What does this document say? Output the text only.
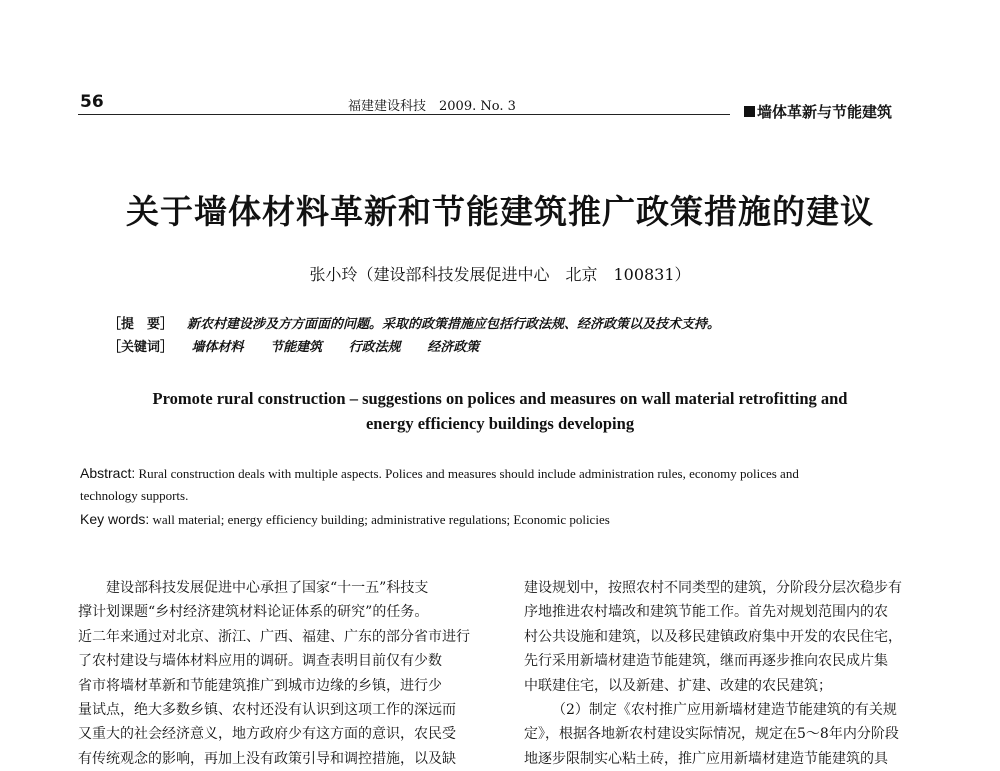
56	福建建设科技　2009. No. 3	墙体革新与节能建筑
关于墙体材料革新和节能建筑推广政策措施的建议
张小玲（建设部科技发展促进中心　北京　100831）
［提　要］ 新农村建设涉及方方面面的问题。采取的政策措施应包括行政法规、经济政策以及技术支持。
［关键词］ 墙体材料 节能建筑 行政法规 经济政策
Promote rural construction – suggestions on polices and measures on wall material retrofitting and
energy efficiency buildings developing
Abstract: Rural construction deals with multiple aspects. Polices and measures should include administration rules, economy polices and
technology supports.
Key words: wall material; energy efficiency building; administrative regulations; Economic policies

建设部科技发展促进中心承担了国家“十一五”科技支

撑计划课题“乡村经济建筑材料论证体系的研究”的任务。

近二年来通过对北京、浙江、广西、福建、广东的部分省市进行

了农村建设与墙体材料应用的调研。调查表明目前仅有少数

省市将墙材革新和节能建筑推广到城市边缘的乡镇，进行少

量试点，绝大多数乡镇、农村还没有认识到这项工作的深远而

又重大的社会经济意义，地方政府少有这方面的意识，农民受

有传统观念的影响，再加上没有政策引导和调控措施，以及缺

建设规划中，按照农村不同类型的建筑，分阶段分层次稳步有

序地推进农村墙改和建筑节能工作。首先对规划范围内的农

村公共设施和建筑，以及移民建镇政府集中开发的农民住宅，

先行采用新墙材建造节能建筑，继而再逐步推向农民成片集

中联建住宅，以及新建、扩建、改建的农民建筑；

（2）制定《农村推广应用新墙材建造节能建筑的有关规

定》，根据各地新农村建设实际情况，规定在5～8年内分阶段

地逐步限制实心粘土砖，推广应用新墙材建造节能建筑的具
